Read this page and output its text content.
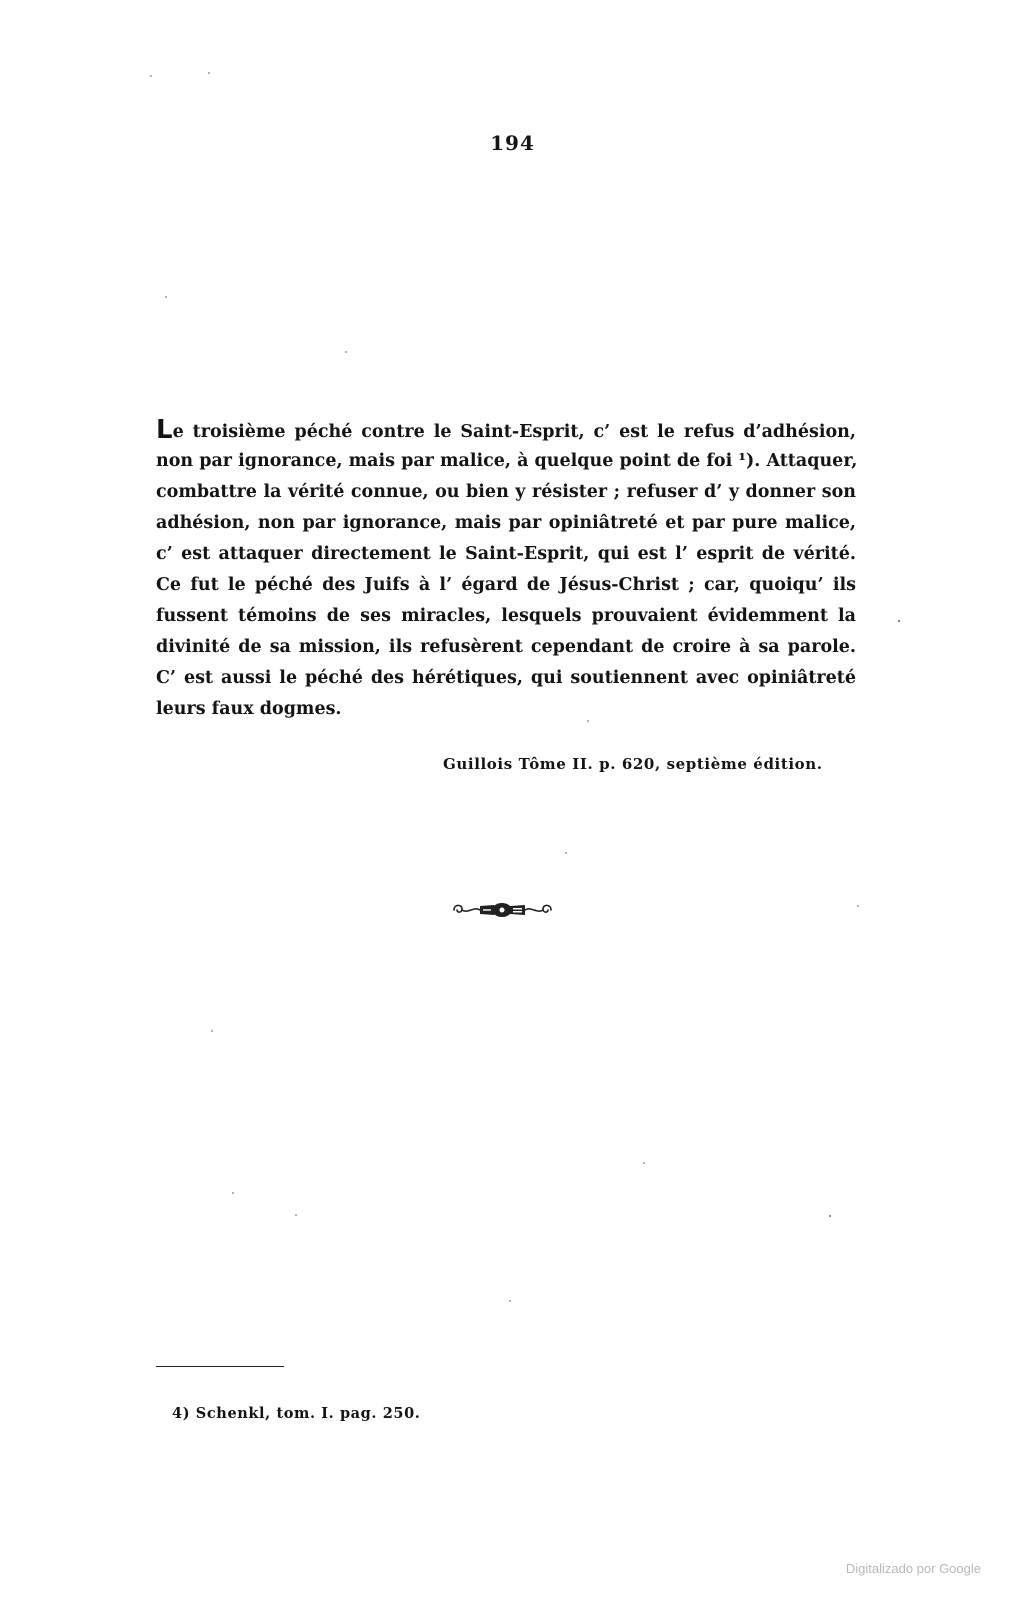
194
Le troisième péché contre le Saint-Esprit, c’ est le refus d’adhésion,
non par ignorance, mais par malice, à quelque point de foi ¹). Attaquer,
combattre la vérité connue, ou bien y résister ; refuser d’ y donner son
adhésion, non par ignorance, mais par opiniâtreté et par pure malice,
c’ est attaquer directement le Saint-Esprit, qui est l’ esprit de vérité.
Ce fut le péché des Juifs à l’ égard de Jésus-Christ ; car, quoiqu’ ils
fussent témoins de ses miracles, lesquels prouvaient évidemment la
divinité de sa mission, ils refusèrent cependant de croire à sa parole.
C’ est aussi le péché des hérétiques, qui soutiennent avec opiniâtreté
leurs faux dogmes.
Guillois Tôme II. p. 620, septième édition.
4) Schenkl, tom. I. pag. 250.
Digitalizado por Google
